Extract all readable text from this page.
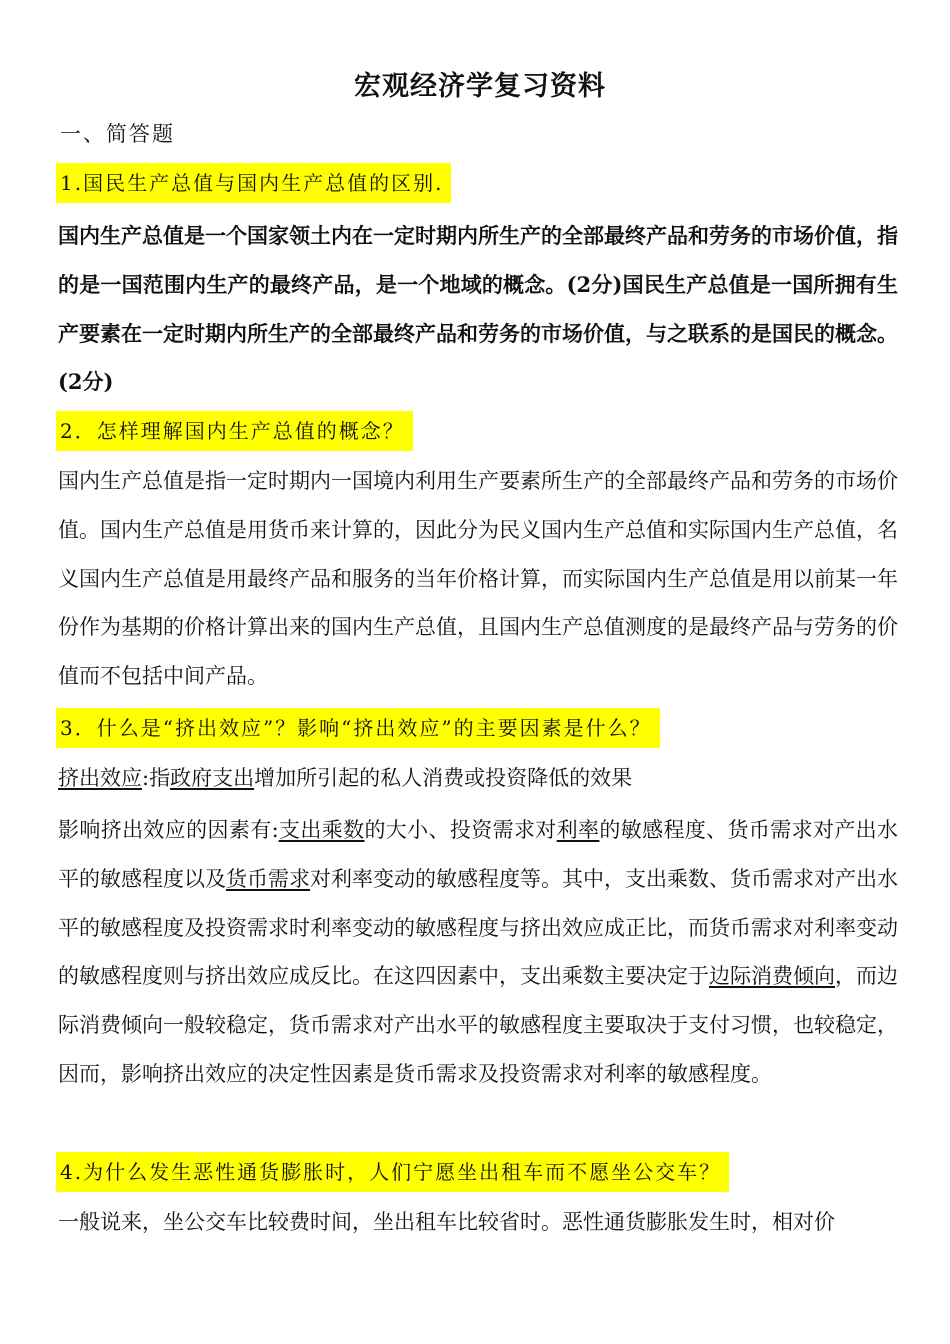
宏观经济学复习资料
一、简答题
1.国民生产总值与国内生产总值的区别.
国内生产总值是一个国家领土内在一定时期内所生产的全部最终产品和劳务的市场价值，指的是一国范围内生产的最终产品，是一个地域的概念。(2分)国民生产总值是一国所拥有生产要素在一定时期内所生产的全部最终产品和劳务的市场价值，与之联系的是国民的概念。(2分)
2．怎样理解国内生产总值的概念？
国内生产总值是指一定时期内一国境内利用生产要素所生产的全部最终产品和劳务的市场价值。国内生产总值是用货币来计算的，因此分为民义国内生产总值和实际国内生产总值，名义国内生产总值是用最终产品和服务的当年价格计算，而实际国内生产总值是用以前某一年份作为基期的价格计算出来的国内生产总值，且国内生产总值测度的是最终产品与劳务的价值而不包括中间产品。
3．什么是“挤出效应”？影响“挤出效应”的主要因素是什么？
挤出效应:指政府支出增加所引起的私人消费或投资降低的效果
影响挤出效应的因素有:支出乘数的大小、投资需求对利率的敏感程度、货币需求对产出水平的敏感程度以及货币需求对利率变动的敏感程度等。其中，支出乘数、货币需求对产出水平的敏感程度及投资需求时利率变动的敏感程度与挤出效应成正比，而货币需求对利率变动的敏感程度则与挤出效应成反比。在这四因素中，支出乘数主要决定于边际消费倾向，而边际消费倾向一般较稳定，货币需求对产出水平的敏感程度主要取决于支付习惯，也较稳定，因而，影响挤出效应的决定性因素是货币需求及投资需求对利率的敏感程度。
4.为什么发生恶性通货膨胀时，人们宁愿坐出租车而不愿坐公交车？
一般说来，坐公交车比较费时间，坐出租车比较省时。恶性通货膨胀发生时，相对价
